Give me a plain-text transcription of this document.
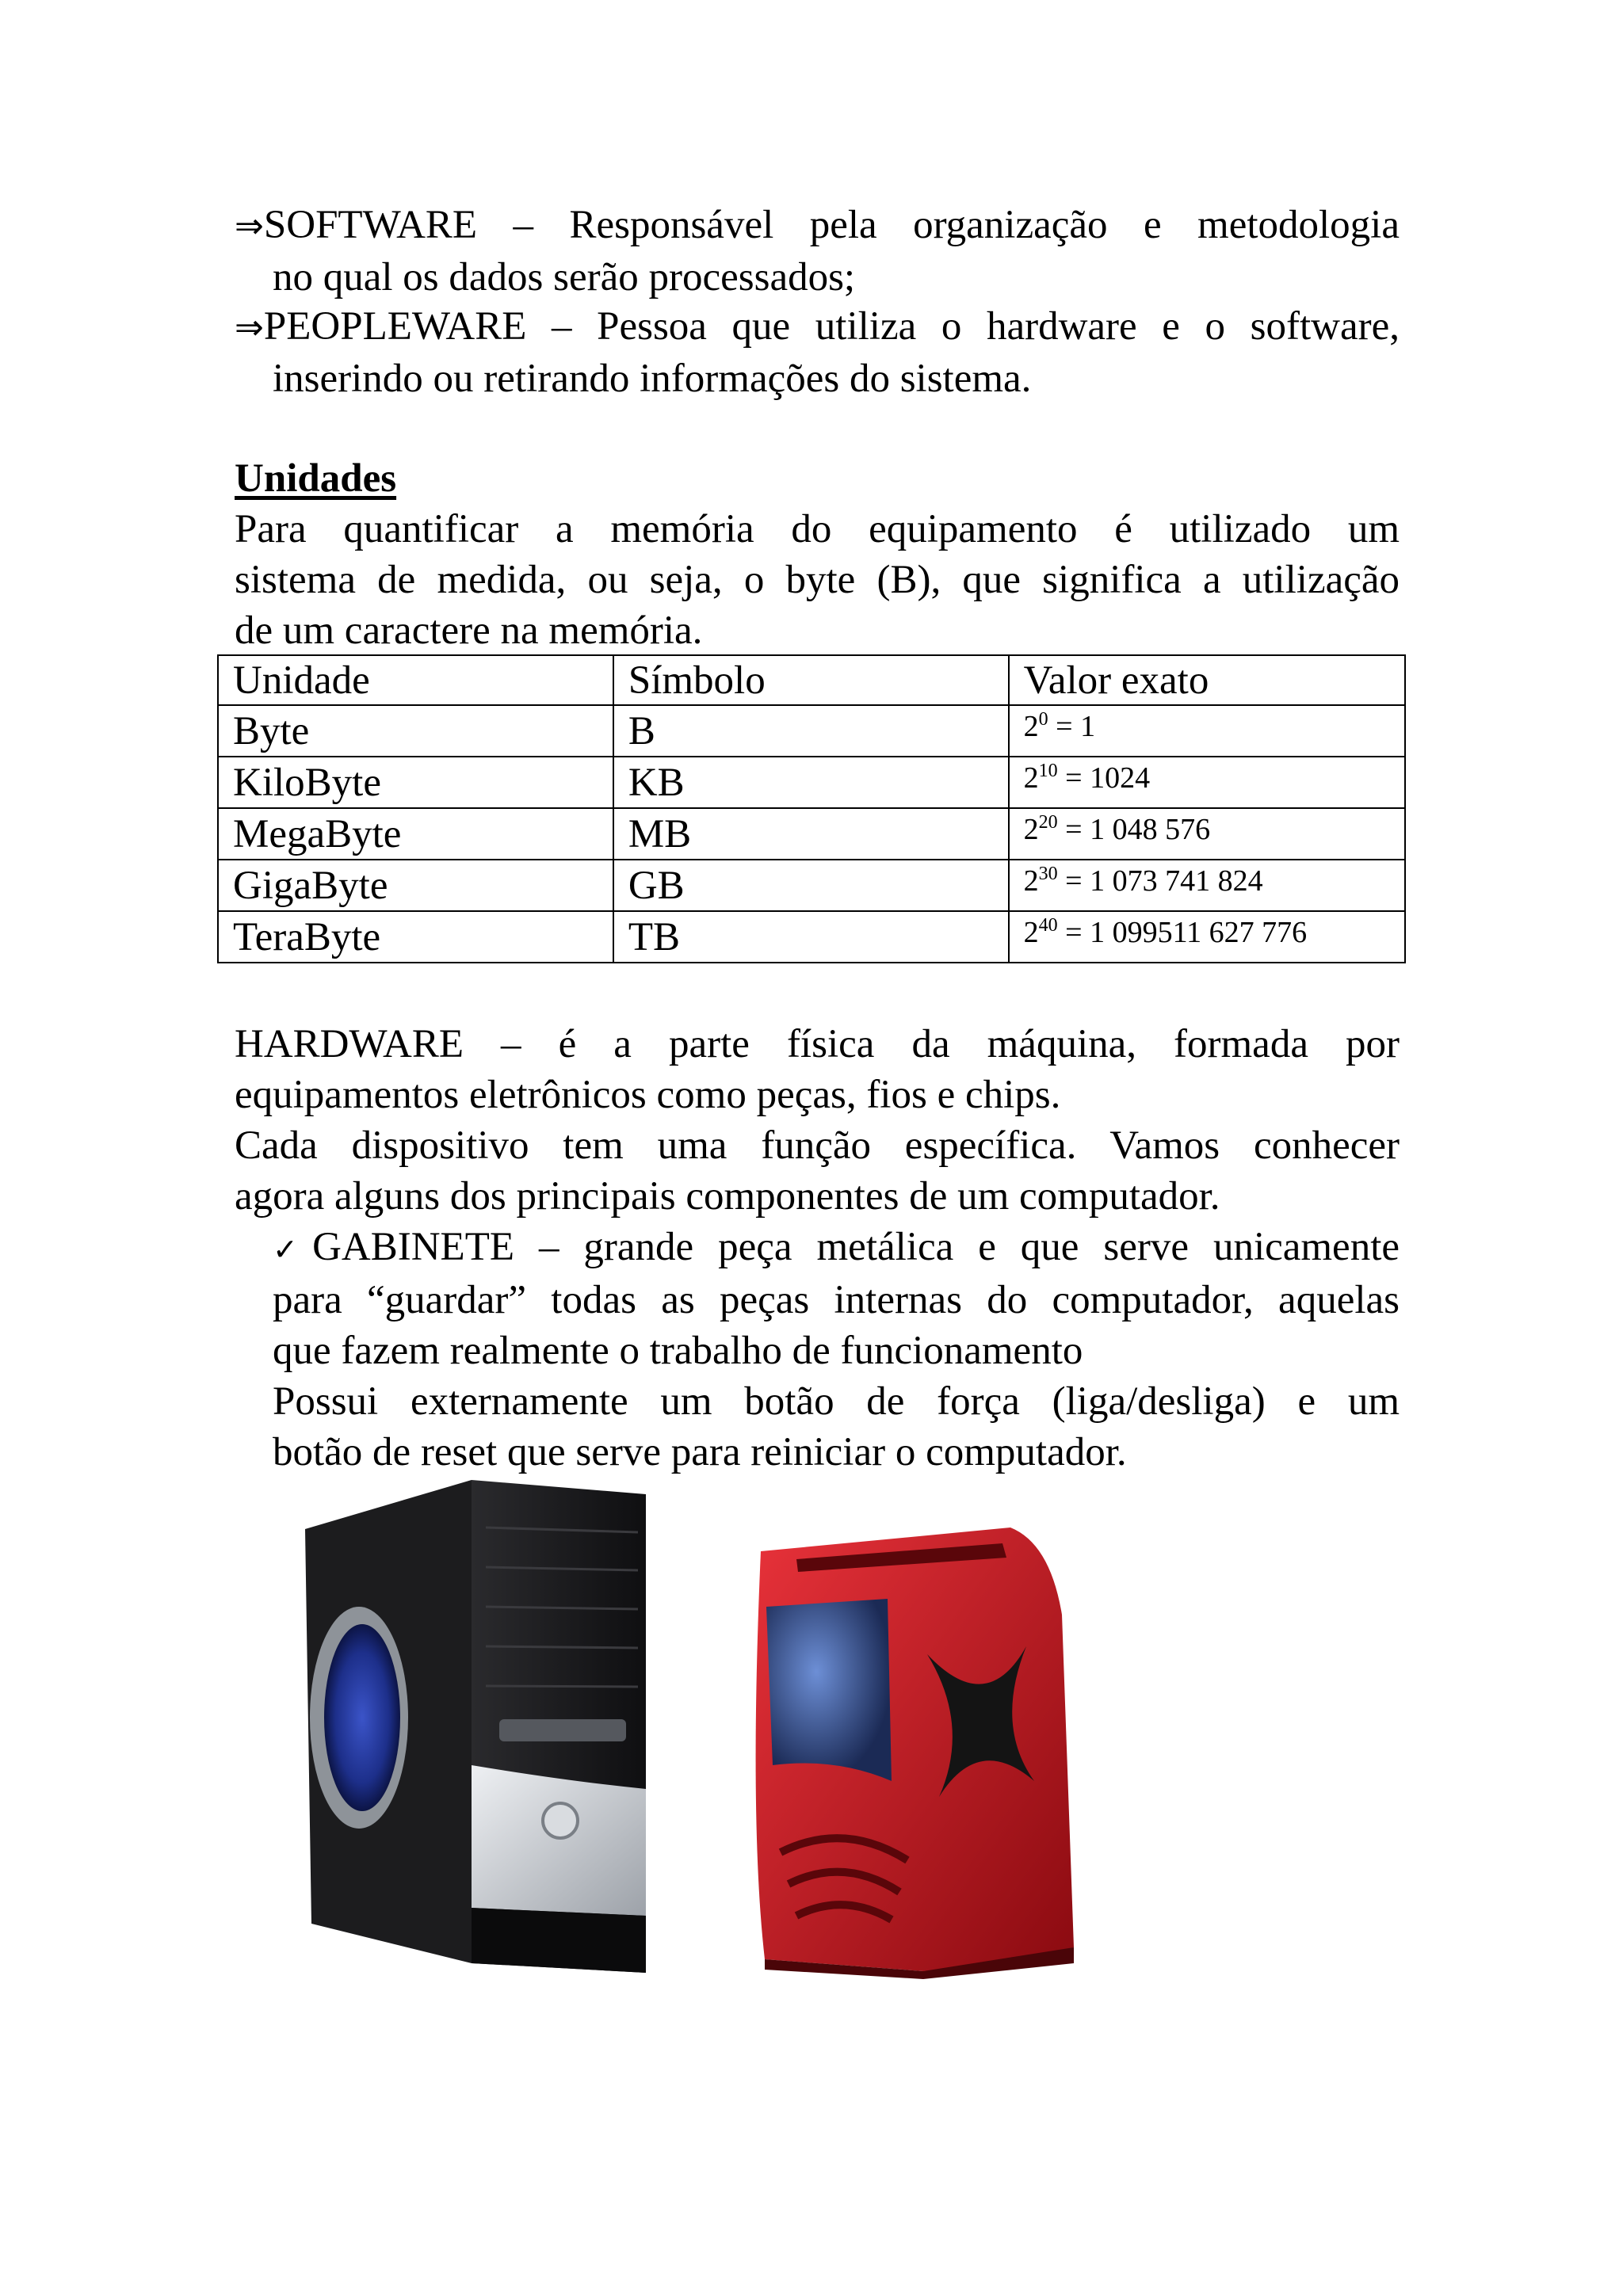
⇒SOFTWARE – Responsável pela organização e metodologia
no qual os dados serão processados;
⇒PEOPLEWARE – Pessoa que utiliza o hardware e o software,
inserindo ou retirando informações do sistema.
Unidades
Para quantificar a memória do equipamento é utilizado um
sistema de medida, ou seja, o byte (B), que significa a utilização
de um caractere na memória.
Unidade	Símbolo	Valor exato
Byte	B	$2^0 = 1$
KiloByte	KB	$2^{10} = 1024$
MegaByte	MB	$2^{20} = 1$ 048 576
GigaByte	GB	$2^{30} = 1$ 073 741 824
TeraByte	TB	$2^{40} = 1$ 099511 627 776
HARDWARE – é a parte física da máquina, formada por
equipamentos eletrônicos como peças, fios e chips.
Cada dispositivo tem uma função específica. Vamos conhecer
agora alguns dos principais componentes de um computador.
✓GABINETE – grande peça metálica e que serve unicamente
para “guardar” todas as peças internas do computador, aquelas
que fazem realmente o trabalho de funcionamento
Possui externamente um botão de força (liga/desliga) e um
botão de reset que serve para reiniciar o computador.
